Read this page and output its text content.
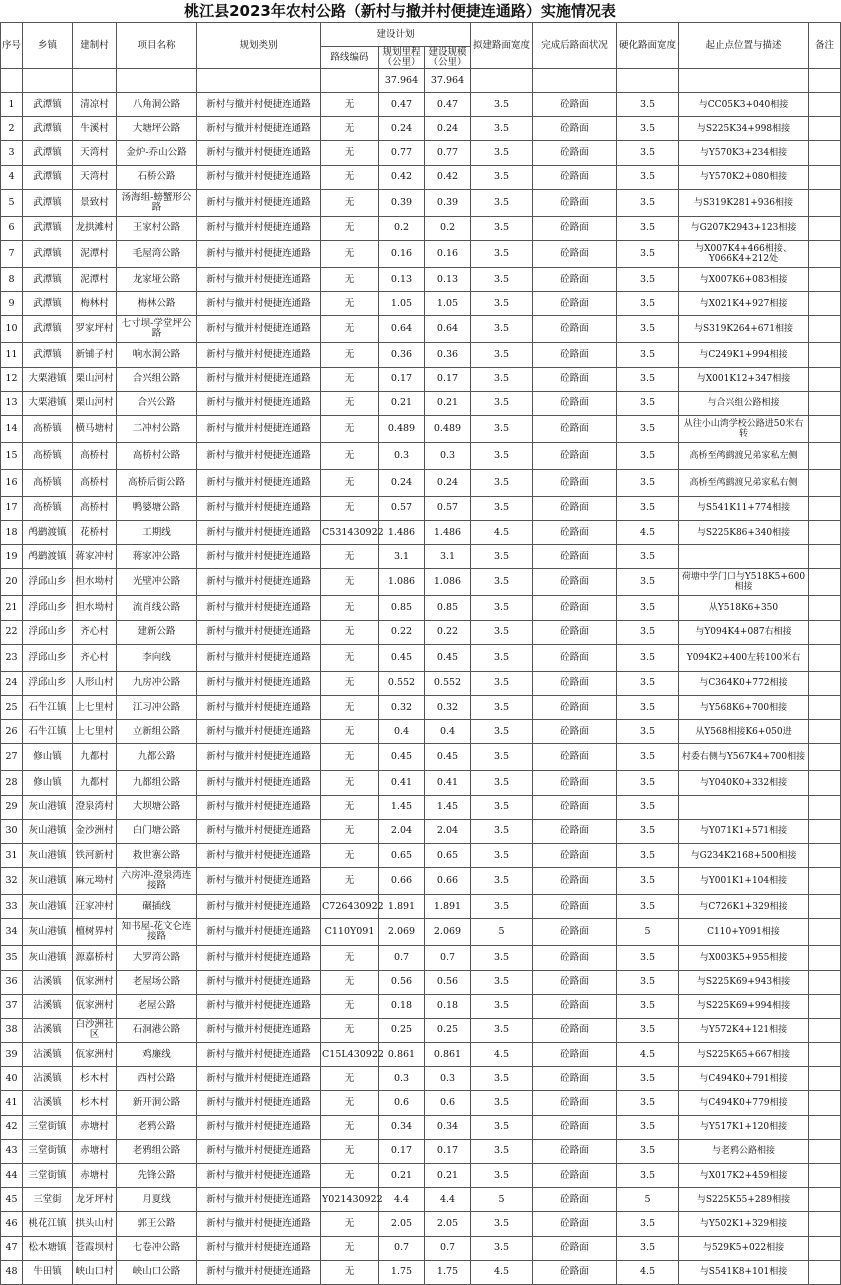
桃江县2023年农村公路（新村与撤并村便捷连通路）实施情况表
序号	乡镇	建制村	项目名称	规划类别	建设计划			拟建路面宽度	完成后路面状况	硬化路面宽度	起止点位置与描述	备注
					路线编码	规划里程（公里）	建设规模（公里）					
						37.964	37.964					
1	武潭镇	清凉村	八角洞公路	新村与撤并村便捷连通路	无	0.47	0.47	3.5	砼路面	3.5	与CC05K3+040相接	
2	武潭镇	牛溪村	大塘坪公路	新村与撤并村便捷连通路	无	0.24	0.24	3.5	砼路面	3.5	与S225K34+998相接	
3	武潭镇	天湾村	金炉-乔山公路	新村与撤并村便捷连通路	无	0.77	0.77	3.5	砼路面	3.5	与Y570K3+234相接	
4	武潭镇	天湾村	石桥公路	新村与撤并村便捷连通路	无	0.42	0.42	3.5	砼路面	3.5	与Y570K2+080相接	
5	武潭镇	景致村	汤海组-螃蟹形公路	新村与撤并村便捷连通路	无	0.39	0.39	3.5	砼路面	3.5	与S319K281+936相接	
6	武潭镇	龙拱滩村	王家村公路	新村与撤并村便捷连通路	无	0.2	0.2	3.5	砼路面	3.5	与G207K2943+123相接	
7	武潭镇	泥潭村	毛屋湾公路	新村与撤并村便捷连通路	无	0.16	0.16	3.5	砼路面	3.5	与X007K4+466相接、Y066K4+212处	
8	武潭镇	泥潭村	龙家垭公路	新村与撤并村便捷连通路	无	0.13	0.13	3.5	砼路面	3.5	与X007K6+083相接	
9	武潭镇	梅林村	梅林公路	新村与撤并村便捷连通路	无	1.05	1.05	3.5	砼路面	3.5	与X021K4+927相接	
10	武潭镇	罗家坪村	七寸坝-学堂坪公路	新村与撤并村便捷连通路	无	0.64	0.64	3.5	砼路面	3.5	与S319K264+671相接	
11	武潭镇	新铺子村	响水洞公路	新村与撤并村便捷连通路	无	0.36	0.36	3.5	砼路面	3.5	与C249K1+994相接	
12	大栗港镇	栗山河村	合兴组公路	新村与撤并村便捷连通路	无	0.17	0.17	3.5	砼路面	3.5	与X001K12+347相接	
13	大栗港镇	栗山河村	合兴公路	新村与撤并村便捷连通路	无	0.21	0.21	3.5	砼路面	3.5	与合兴组公路相接	
14	高桥镇	横马塘村	二冲村公路	新村与撤并村便捷连通路	无	0.489	0.489	3.5	砼路面	3.5	从往小山湾学校公路进50米右转	
15	高桥镇	高桥村	高桥村公路	新村与撤并村便捷连通路	无	0.3	0.3	3.5	砼路面	3.5	高桥至鸬鹚渡兄弟家私左侧	
16	高桥镇	高桥村	高桥后街公路	新村与撤并村便捷连通路	无	0.24	0.24	3.5	砼路面	3.5	高桥至鸬鹚渡兄弟家私右侧	
17	高桥镇	高桥村	鸭婆塘公路	新村与撤并村便捷连通路	无	0.57	0.57	3.5	砼路面	3.5	与S541K11+774相接	
18	鸬鹚渡镇	花桥村	工期线	新村与撤并村便捷连通路	C531430922	1.486	1.486	4.5	砼路面	4.5	与S225K86+340相接	
19	鸬鹚渡镇	蒋家冲村	蒋家冲公路	新村与撤并村便捷连通路	无	3.1	3.1	3.5	砼路面	3.5		
20	浮邱山乡	担水坳村	光壁冲公路	新村与撤并村便捷连通路	无	1.086	1.086	3.5	砼路面	3.5	荷塘中学门口与Y518K5+600相接	
21	浮邱山乡	担水坳村	流肖线公路	新村与撤并村便捷连通路	无	0.85	0.85	3.5	砼路面	3.5	从Y518K6+350	
22	浮邱山乡	齐心村	建新公路	新村与撤并村便捷连通路	无	0.22	0.22	3.5	砼路面	3.5	与Y094K4+087右相接	
23	浮邱山乡	齐心村	李向线	新村与撤并村便捷连通路	无	0.45	0.45	3.5	砼路面	3.5	Y094K2+400左转100米右	
24	浮邱山乡	人形山村	九房冲公路	新村与撤并村便捷连通路	无	0.552	0.552	3.5	砼路面	3.5	与C364K0+772相接	
25	石牛江镇	上七里村	江习冲公路	新村与撤并村便捷连通路	无	0.32	0.32	3.5	砼路面	3.5	与Y568K6+700相接	
26	石牛江镇	上七里村	立新组公路	新村与撤并村便捷连通路	无	0.4	0.4	3.5	砼路面	3.5	从Y568相接K6+050进	
27	修山镇	九都村	九都公路	新村与撤并村便捷连通路	无	0.45	0.45	3.5	砼路面	3.5	村委右侧与Y567K4+700相接	
28	修山镇	九都村	九都组公路	新村与撤并村便捷连通路	无	0.41	0.41	3.5	砼路面	3.5	与Y040K0+332相接	
29	灰山港镇	澄泉湾村	大坝塘公路	新村与撤并村便捷连通路	无	1.45	1.45	3.5	砼路面	3.5		
30	灰山港镇	金沙洲村	白门塘公路	新村与撤并村便捷连通路	无	2.04	2.04	3.5	砼路面	3.5	与Y071K1+571相接	
31	灰山港镇	铁河新村	救世寨公路	新村与撤并村便捷连通路	无	0.65	0.65	3.5	砼路面	3.5	与G234K2168+500相接	
32	灰山港镇	麻元坳村	六房冲-澄泉湾连接路	新村与撤并村便捷连通路	无	0.66	0.66	3.5	砼路面	3.5	与Y001K1+104相接	
33	灰山港镇	汪家冲村	碾插线	新村与撤并村便捷连通路	C726430922	1.891	1.891	3.5	砼路面	3.5	与C726K1+329相接	
34	灰山港镇	檀树界村	知书屋-花文仑连接路	新村与撤并村便捷连通路	C110Y091	2.069	2.069	5	砼路面	5	C110+Y091相接	
35	灰山港镇	源嘉桥村	大罗湾公路	新村与撤并村便捷连通路	无	0.7	0.7	3.5	砼路面	3.5	与X003K5+955相接	
36	沾溪镇	佤家洲村	老屋场公路	新村与撤并村便捷连通路	无	0.56	0.56	3.5	砼路面	3.5	与S225K69+943相接	
37	沾溪镇	佤家洲村	老屋公路	新村与撤并村便捷连通路	无	0.18	0.18	3.5	砼路面	3.5	与S225K69+994相接	
38	沾溪镇	白沙洲社区	石洞港公路	新村与撤并村便捷连通路	无	0.25	0.25	3.5	砼路面	3.5	与Y572K4+121相接	
39	沾溪镇	佤家洲村	鸡廉线	新村与撤并村便捷连通路	C15L430922	0.861	0.861	4.5	砼路面	4.5	与S225K65+667相接	
40	沾溪镇	杉木村	西村公路	新村与撤并村便捷连通路	无	0.3	0.3	3.5	砼路面	3.5	与C494K0+791相接	
41	沾溪镇	杉木村	新开洞公路	新村与撤并村便捷连通路	无	0.6	0.6	3.5	砼路面	3.5	与C494K0+779相接	
42	三堂街镇	赤塘村	老鸦公路	新村与撤并村便捷连通路	无	0.34	0.34	3.5	砼路面	3.5	与Y517K1+120相接	
43	三堂街镇	赤塘村	老鸦组公路	新村与撤并村便捷连通路	无	0.17	0.17	3.5	砼路面	3.5	与老鸦公路相接	
44	三堂街镇	赤塘村	先锋公路	新村与撤并村便捷连通路	无	0.21	0.21	3.5	砼路面	3.5	与X017K2+459相接	
45	三堂街	龙牙坪村	月夏线	新村与撤并村便捷连通路	Y021430922	4.4	4.4	5	砼路面	5	与S225K55+289相接	
46	桃花江镇	拱头山村	郭王公路	新村与撤并村便捷连通路	无	2.05	2.05	3.5	砼路面	3.5	与Y502K1+329相接	
47	松木塘镇	苍霞坝村	七卷冲公路	新村与撤并村便捷连通路	无	0.7	0.7	3.5	砼路面	3.5	与529K5+022相接	
48	牛田镇	峡山口村	峡山口公路	新村与撤并村便捷连通路	无	1.75	1.75	4.5	砼路面	4.5	与S541K8+101相接	
